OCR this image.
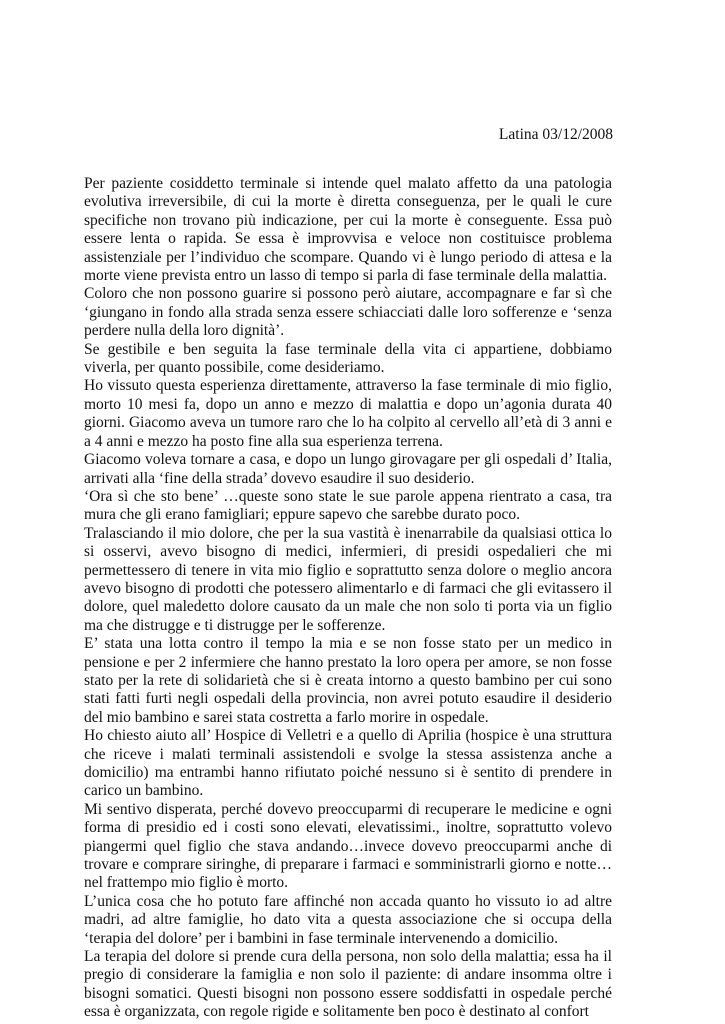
Latina 03/12/2008

Per paziente cosiddetto terminale si intende quel malato affetto da una patologia evolutiva irreversibile, di cui la morte è diretta conseguenza, per le quali le cure specifiche non trovano più indicazione, per cui la morte è conseguente. Essa può essere lenta o rapida. Se essa è improvvisa e veloce non costituisce problema assistenziale per l’individuo che scompare. Quando vi è lungo periodo di attesa e la morte viene prevista entro un lasso di tempo si parla di fase terminale della malattia.

Coloro che non possono guarire si possono però aiutare, accompagnare e far sì che ‘giungano in fondo alla strada senza essere schiacciati dalle loro sofferenze e ‘senza perdere nulla della loro dignità’.

Se gestibile e ben seguita la fase terminale della vita ci appartiene, dobbiamo viverla, per quanto possibile, come desideriamo.

Ho vissuto questa esperienza direttamente, attraverso la fase terminale di mio figlio, morto 10 mesi fa, dopo un anno e mezzo di malattia e dopo un’agonia durata 40 giorni. Giacomo aveva un tumore raro che lo ha colpito al cervello all’età di 3 anni e a 4 anni e mezzo ha posto fine alla sua esperienza terrena.

Giacomo voleva tornare a casa, e dopo un lungo girovagare per gli ospedali d’ Italia, arrivati alla ‘fine della strada’ dovevo esaudire il suo desiderio.

‘Ora sì che sto bene’ …queste sono state le sue parole appena rientrato a casa, tra mura che gli erano famigliari; eppure sapevo che sarebbe durato poco.

Tralasciando il mio dolore, che per la sua vastità è inenarrabile da qualsiasi ottica lo si osservi, avevo bisogno di medici, infermieri, di presidi ospedalieri che mi permettessero di tenere in vita mio figlio e soprattutto senza dolore o meglio ancora avevo bisogno di prodotti che potessero alimentarlo e di farmaci che gli evitassero il dolore, quel maledetto dolore causato da un male che non solo ti porta via un figlio ma che distrugge e ti distrugge per le sofferenze.

E’ stata una lotta contro il tempo la mia e se non fosse stato per un medico in pensione e per 2 infermiere che hanno prestato la loro opera per amore, se non fosse stato per la rete di solidarietà che si è creata intorno a questo bambino per cui sono stati fatti furti negli ospedali della provincia, non avrei potuto esaudire il desiderio del mio bambino e sarei stata costretta a farlo morire in ospedale.

Ho chiesto aiuto all’ Hospice di Velletri e a quello di Aprilia (hospice è una struttura che riceve i malati terminali assistendoli e svolge la stessa assistenza anche a domicilio) ma entrambi hanno rifiutato poiché nessuno si è sentito di prendere in carico un bambino.

Mi sentivo disperata, perché dovevo preoccuparmi di recuperare le medicine e ogni forma di presidio ed i costi sono elevati, elevatissimi., inoltre, soprattutto volevo piangermi quel figlio che stava andando…invece dovevo preoccuparmi anche di trovare e comprare siringhe, di preparare i farmaci e somministrarli giorno e notte… nel frattempo mio figlio è morto.

L’unica cosa che ho potuto fare affinché non accada quanto ho vissuto io ad altre madri, ad altre famiglie, ho dato vita a questa associazione che si occupa della ‘terapia del dolore’ per i bambini in fase terminale intervenendo a domicilio.

La terapia del dolore si prende cura della persona, non solo della malattia; essa ha il pregio di considerare la famiglia e non solo il paziente: di andare insomma oltre i bisogni somatici. Questi bisogni non possono essere soddisfatti in ospedale perché essa è organizzata, con regole rigide e solitamente ben poco è destinato al confort
